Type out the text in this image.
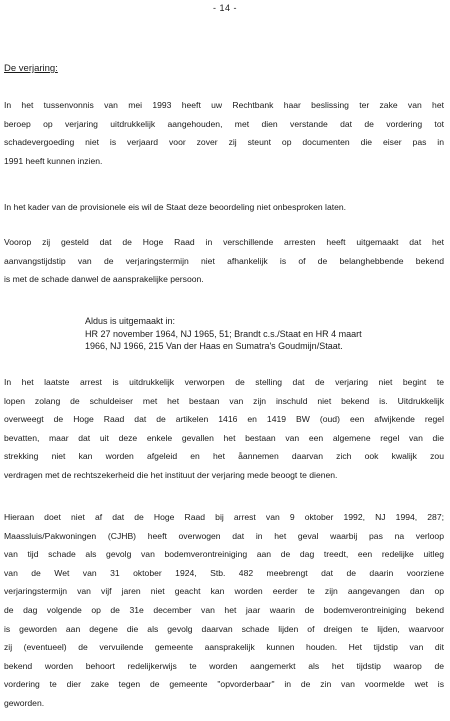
- 14 -
De verjaring:
In het tussenvonnis van mei 1993 heeft uw Rechtbank haar beslissing ter zake van het
beroep op verjaring uitdrukkelijk aangehouden, met dien verstande dat de vordering tot
schadevergoeding niet is verjaard voor zover zij steunt op documenten die eiser pas in
1991 heeft kunnen inzien.
In het kader van de provisionele eis wil de Staat deze beoordeling niet onbesproken laten.
Voorop zij gesteld dat de Hoge Raad in verschillende arresten heeft uitgemaakt dat het
aanvangstijdstip van de verjaringstermijn niet afhankelijk is of de belanghebbende bekend
is met de schade danwel de aansprakelijke persoon.
Aldus is uitgemaakt in:
HR 27 november 1964, NJ 1965, 51; Brandt c.s./Staat en HR 4 maart
1966, NJ 1966, 215 Van der Haas en Sumatra's Goudmijn/Staat.
In het laatste arrest is uitdrukkelijk verworpen de stelling dat de verjaring niet begint te
lopen zolang de schuldeiser met het bestaan van zijn inschuld niet bekend is. Uitdrukkelijk
overweegt de Hoge Raad dat de artikelen 1416 en 1419 BW (oud) een afwijkende regel
bevatten, maar dat uit deze enkele gevallen het bestaan van een algemene regel van die
strekking niet kan worden afgeleid en het åannemen daarvan zich ook kwalijk zou
verdragen met de rechtszekerheid die het instituut der verjaring mede beoogt te dienen.
Hieraan doet niet af dat de Hoge Raad bij arrest van 9 oktober 1992, NJ 1994, 287;
Maassluis/Pakwoningen (CJHB) heeft overwogen dat in het geval waarbij pas na verloop
van tijd schade als gevolg van bodemverontreiniging aan de dag treedt, een redelijke uitleg
van de Wet van 31 oktober 1924, Stb. 482 meebrengt dat de daarin voorziene
verjaringstermijn van vijf jaren niet geacht kan worden eerder te zijn aangevangen dan op
de dag volgende op de 31e december van het jaar waarin de bodemverontreiniging bekend
is geworden aan degene die als gevolg daarvan schade lijden of dreigen te lijden, waarvoor
zij (eventueel) de vervuilende gemeente aansprakelijk kunnen houden. Het tijdstip van dit
bekend worden behoort redelijkerwijs te worden aangemerkt als het tijdstip waarop de
vordering te dier zake tegen de gemeente "opvorderbaar" in de zin van voormelde wet is
geworden.
